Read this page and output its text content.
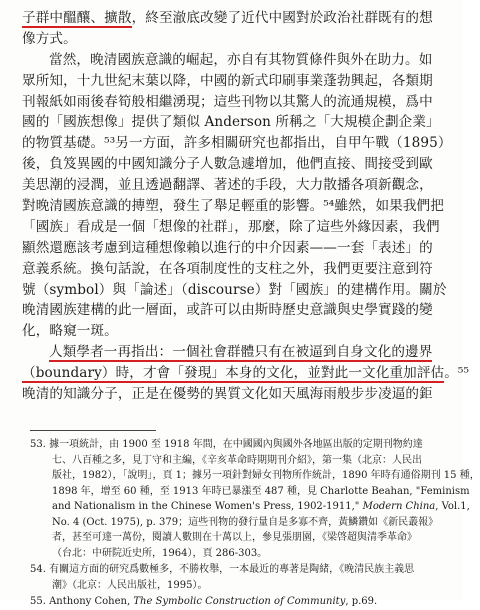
子群中醞釀、擴散，終至澈底改變了近代中國對於政治社群既有的想
像方式。
當然，晚清國族意識的崛起，亦自有其物質條件與外在助力。如
眾所知，十九世紀末葉以降，中國的新式印刷事業蓬勃興起，各類期
刊報紙如雨後春筍般相繼湧現；這些刊物以其驚人的流通規模，爲中
國的「國族想像」提供了類似 Anderson 所稱之「大規模企劃企業」
的物質基礎。⁵³另一方面，許多相關研究也都指出，自甲午戰（1895）
後，負笈異國的中國知識分子人數急遽增加，他們直接、間接受到歐
美思潮的浸潤，並且透過翻譯、著述的手段，大力散播各項新觀念，
對晚清國族意識的摶塑，發生了舉足輕重的影響。⁵⁴雖然，如果我們把
「國族」看成是一個「想像的社群」，那麼，除了這些外緣因素，我們
顯然還應該考慮到這種想像賴以進行的中介因素——一套「表述」的
意義系統。換句話說，在各項制度性的支柱之外，我們更要注意到符
號（symbol）與「論述」（discourse）對「國族」的建構作用。關於
晚清國族建構的此一層面，或許可以由斯時歷史意識與史學實踐的變
化，略窺一斑。
人類學者一再指出：一個社會群體只有在被逼到自身文化的邊界
（boundary）時，才會「發現」本身的文化，並對此一文化重加評估。⁵⁵
晚清的知識分子，正是在優勢的異質文化如天風海雨般步步凌逼的鉅
53. 據一項統計，由 1900 至 1918 年間，在中國國內與國外各地區出版的定期刊物約達
七、八百種之多，見丁守和主編，《辛亥革命時期期刊介紹》，第一集（北京：人民出
版社，1982），「說明」，頁 1；據另一項針對婦女刊物所作統計，1890 年時有通俗期刊 15 種，
1898 年，增至 60 種，至 1913 年時已暴漲至 487 種，見 Charlotte Beahan, "Feminism
and Nationalism in the Chinese Women's Press, 1902-1911," Modern China, Vol.1,
No. 4 (Oct. 1975), p. 379；這些刊物的發行量自是多寡不齊，黃鱗鑽如《新民叢報》
者，甚至可達一萬份，閱讀人數則在十萬以上，參見張朋園，《梁啓超與清季革命》
（台北：中研院近史所，1964），頁 286-303。
54. 有關這方面的研究爲數極多，不勝枚舉，一本最近的專著是陶緒，《晚清民族主義思
潮》（北京：人民出版社，1995）。
55. Anthony Cohen, The Symbolic Construction of Community, p.69.
